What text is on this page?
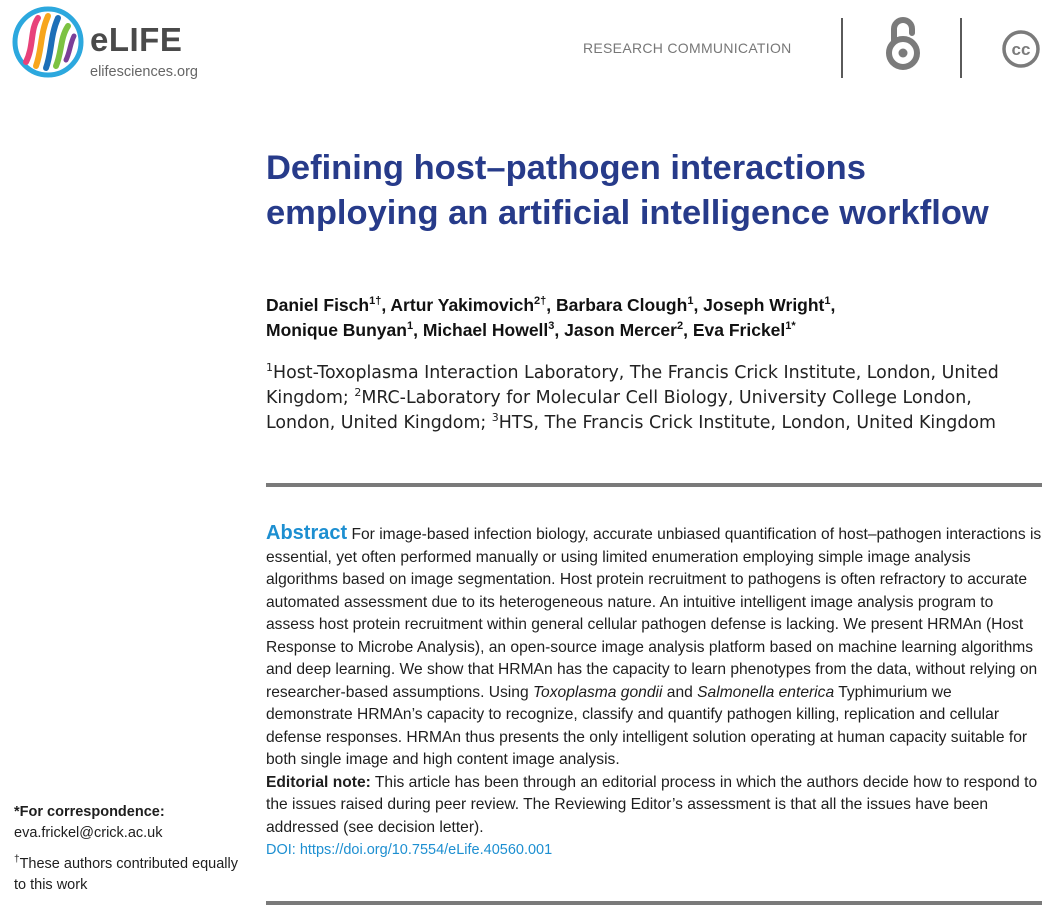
eLIFE
elifesciences.org
RESEARCH COMMUNICATION	cc
Defining host–pathogen interactions employing an artificial intelligence workflow
Daniel Fisch$^{1\dagger}$, Artur Yakimovich$^{2\dagger}$, Barbara Clough$^1$, Joseph Wright$^1$,
Monique Bunyan$^1$, Michael Howell$^3$, Jason Mercer$^2$, Eva Frickel$^{1*}$
$^1$Host-Toxoplasma Interaction Laboratory, The Francis Crick Institute, London, United Kingdom; $^2$MRC-Laboratory for Molecular Cell Biology, University College London, London, United Kingdom; $^3$HTS, The Francis Crick Institute, London, United Kingdom
Abstract For image-based infection biology, accurate unbiased quantification of host–pathogen interactions is essential, yet often performed manually or using limited enumeration employing simple image analysis algorithms based on image segmentation. Host protein recruitment to pathogens is often refractory to accurate automated assessment due to its heterogeneous nature. An intuitive intelligent image analysis program to assess host protein recruitment within general cellular pathogen defense is lacking. We present HRMAn (Host Response to Microbe Analysis), an open-source image analysis platform based on machine learning algorithms and deep learning. We show that HRMAn has the capacity to learn phenotypes from the data, without relying on researcher-based assumptions. Using Toxoplasma gondii and Salmonella enterica Typhimurium we demonstrate HRMAn’s capacity to recognize, classify and quantify pathogen killing, replication and cellular defense responses. HRMAn thus presents the only intelligent solution operating at human capacity suitable for both single image and high content image analysis.
Editorial note: This article has been through an editorial process in which the authors decide how to respond to the issues raised during peer review. The Reviewing Editor’s assessment is that all the issues have been addressed (see decision letter).
DOI: https://doi.org/10.7554/eLife.40560.001
*For correspondence:
eva.frickel@crick.ac.uk
†These authors contributed equally to this work
